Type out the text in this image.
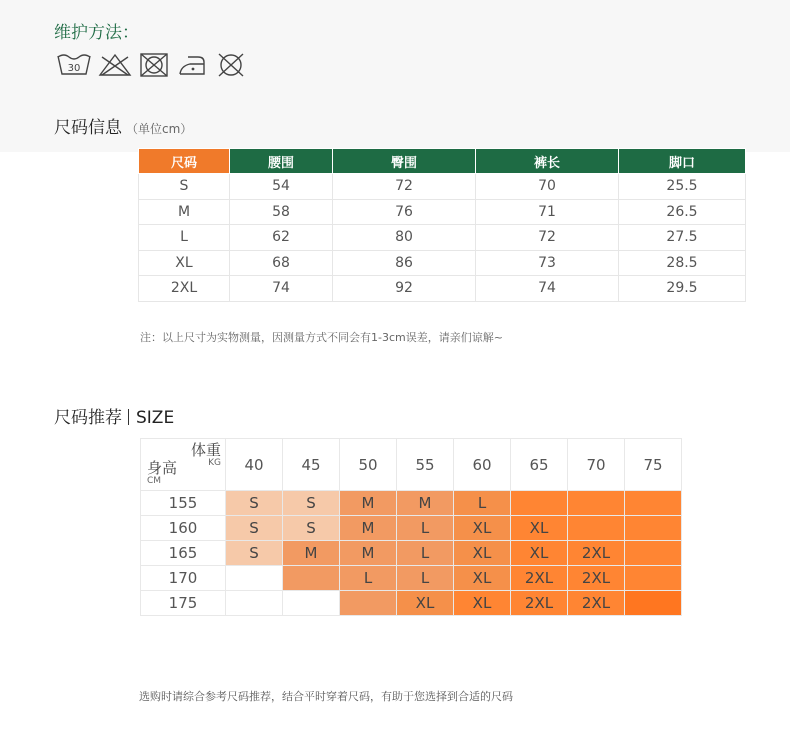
维护方法：
30
尺码信息 （单位cm）
尺码	腰围	臀围	裤长	脚口
S	54	72	70	25.5
M	58	76	71	26.5
L	62	80	72	27.5
XL	68	86	73	28.5
2XL	74	92	74	29.5
注：以上尺寸为实物测量，因测量方式不同会有1-3cm误差，请亲们谅解~
尺码推荐 SIZE
体重
KG
身高
CM	40	45	50	55	60	65	70	75
155	S	S	M	M	L			
160	S	S	M	L	XL	XL		
165	S	M	M	L	XL	XL	2XL	
170			L	L	XL	2XL	2XL	
175				XL	XL	2XL	2XL	
选购时请综合参考尺码推荐，结合平时穿着尺码，有助于您选择到合适的尺码
